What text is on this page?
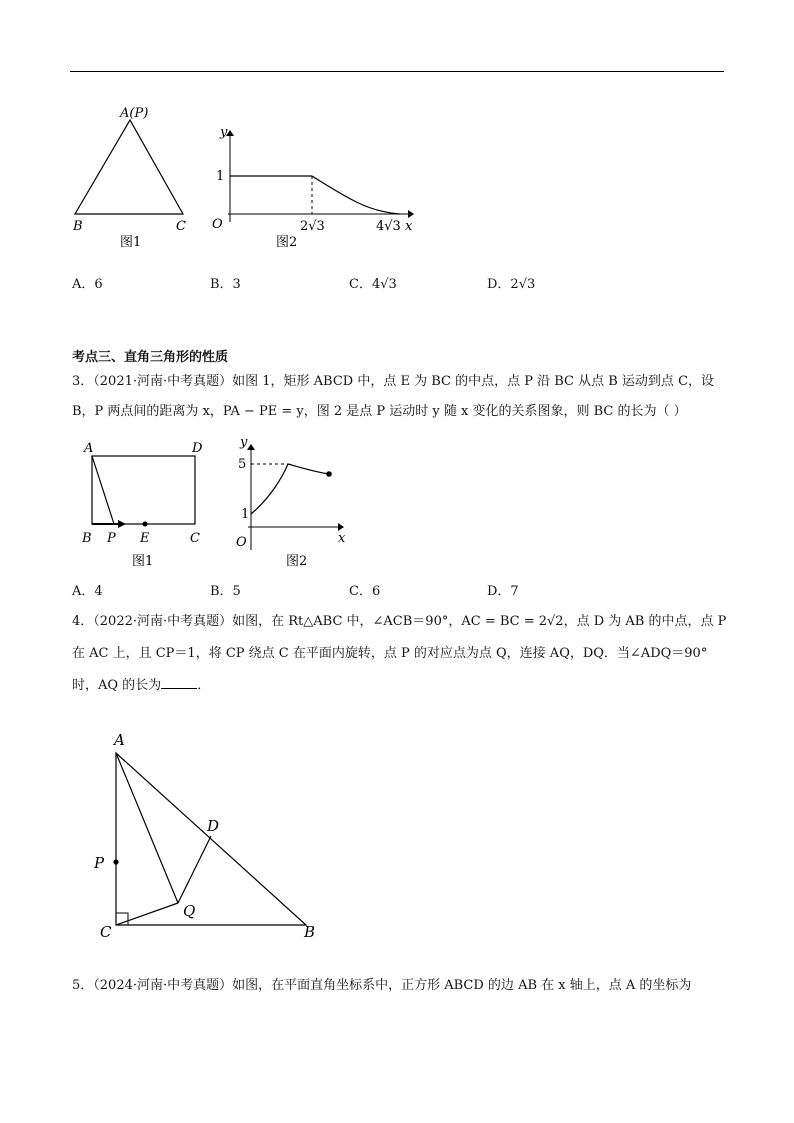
A(P)
B	C
图1
1
y
O	2√3	4√3 x
图2
A．6	B．3	C．4√3	D．2√3
考点三、直角三角形的性质
3．（2021·河南·中考真题）如图 1，矩形 ABCD 中，点 E 为 BC 的中点，点 P 沿 BC 从点 B 运动到点 C，设
B，P 两点间的距离为 x，PA − PE = y，图 2 是点 P 运动时 y 随 x 变化的关系图象，则 BC 的长为（ ）
A	D
B P E	C
图1
y
5
1
O	x
图2
A．4	B．5	C．6	D．7
4．（2022·河南·中考真题）如图，在 Rt△ABC 中，∠ACB＝90°，AC = BC = 2√2，点 D 为 AB 的中点，点 P
在 AC 上，且 CP＝1，将 CP 绕点 C 在平面内旋转，点 P 的对应点为点 Q，连接 AQ，DQ．当∠ADQ＝90°
时，AQ 的长为	．
A
D
P
Q
C	B
5．（2024·河南·中考真题）如图，在平面直角坐标系中，正方形 ABCD 的边 AB 在 x 轴上，点 A 的坐标为
